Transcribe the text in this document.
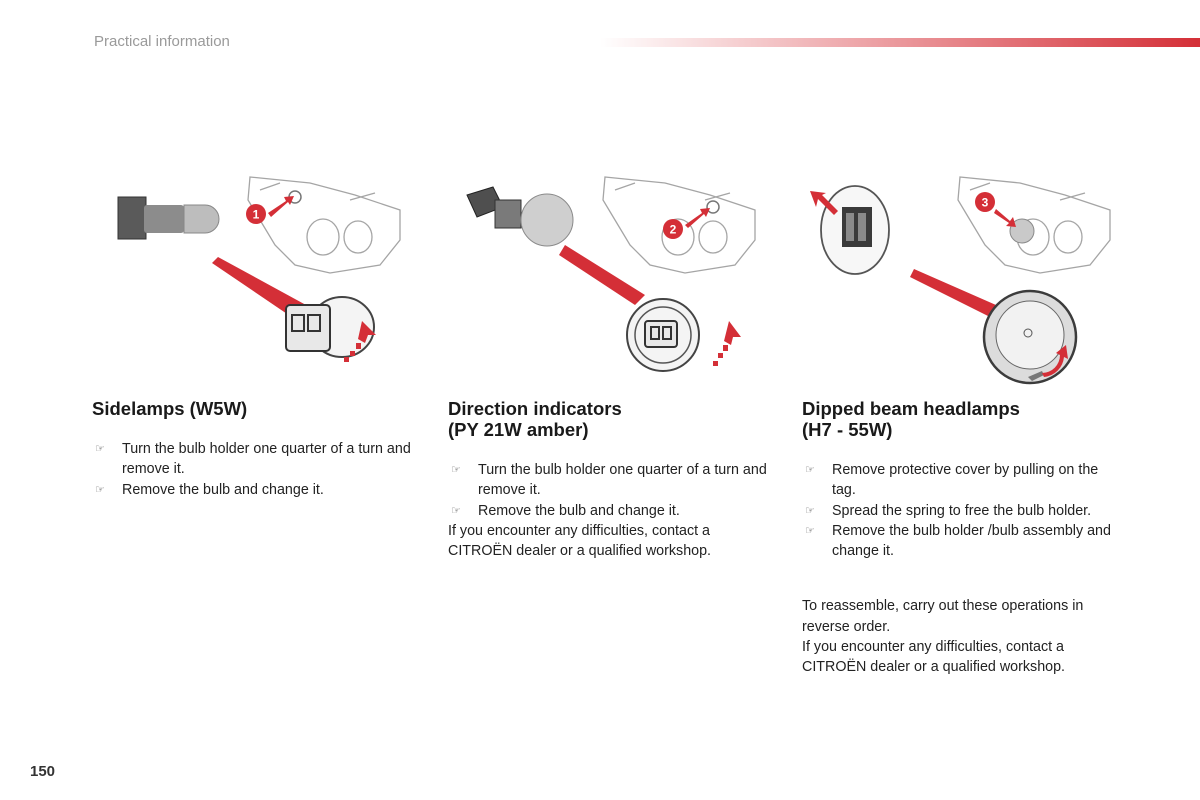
Practical information
1
2
3
Sidelamps (W5W)
☞ Turn the bulb holder one quarter of a turn and remove it.
☞ Remove the bulb and change it.
Direction indicators
(PY 21W amber)
☞ Turn the bulb holder one quarter of a turn and remove it.
☞ Remove the bulb and change it.

If you encounter any difficulties, contact a CITROËN dealer or a qualified workshop.

Dipped beam headlamps
(H7 - 55W)
☞ Remove protective cover by pulling on the tag.
☞ Spread the spring to free the bulb holder.
☞ Remove the bulb holder /bulb assembly and change it.

To reassemble, carry out these operations in reverse order.

If you encounter any difficulties, contact a CITROËN dealer or a qualified workshop.

150
